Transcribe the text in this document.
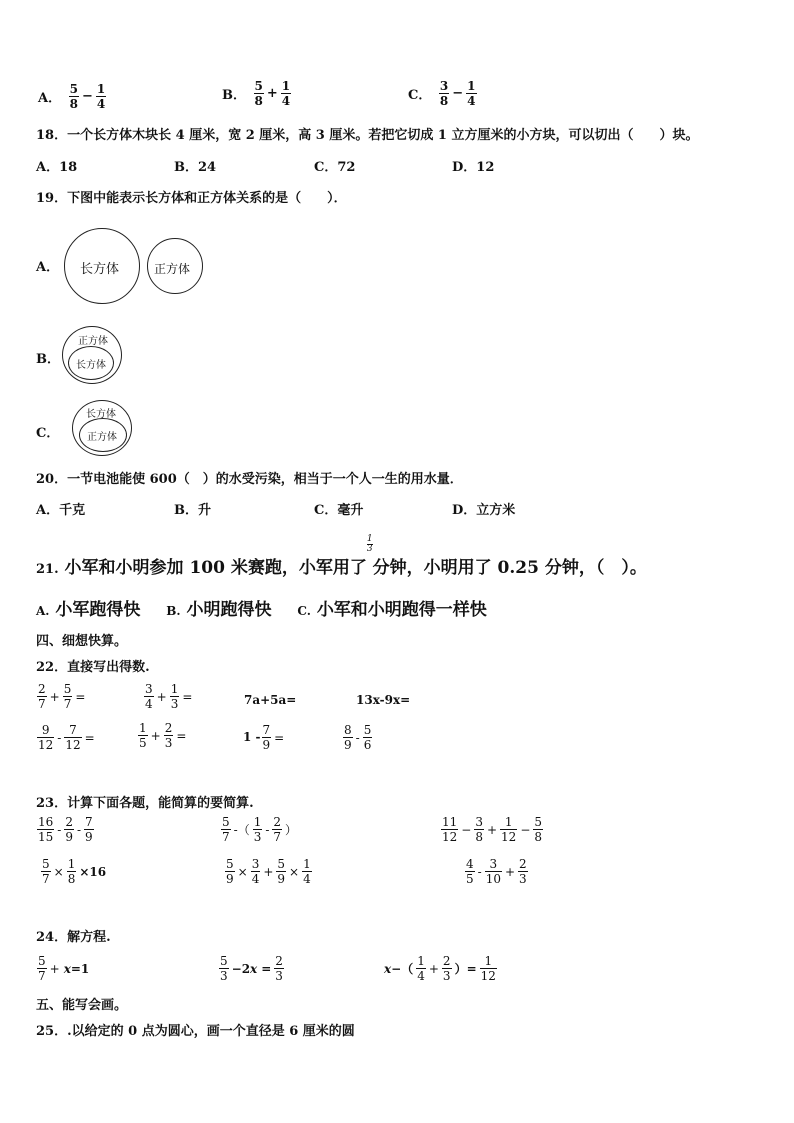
A． $\frac{5}{8} - \frac{1}{4}$	B． $\frac{5}{8} + \frac{1}{4}$	C． $\frac{3}{8} - \frac{1}{4}$
18．一个长方体木块长 4 厘米，宽 2 厘米，高 3 厘米。若把它切成 1 立方厘米的小方块，可以切出（　　）块。
A．18	B．24	C．72	D．12
19．下图中能表示长方体和正方体关系的是（　　）．
A． 长方体	正方体
B．
正方体
长方体
C．
长方体
正方体
20．一节电池能使 600（　）的水受污染，相当于一个人一生的用水量．
A．千克	B．升	C．毫升	D．立方米
21. 小军和小明参加 100 米赛跑，小军用了
$\frac{1}{3}$
分钟，小明用了 0.25 分钟，（　）。
A. 小军跑得快 B. 小明跑得快 C. 小军和小明跑得一样快
四、细想快算。
22．直接写出得数.
$\frac{2}{7} + \frac{5}{7}$ =	$\frac{3}{4} + \frac{1}{3}$ =	7a+5a=	13x-9x=
$\frac{9}{12} - \frac{7}{12}$ =	$\frac{1}{5} + \frac{2}{3}$ =	$1 - \frac{7}{9}$ =	$\frac{8}{9} - \frac{5}{6}$
23．计算下面各题，能简算的要简算.
$\frac{16}{15} - \frac{2}{9} - \frac{7}{9}$	$\frac{5}{7}$ -（ $\frac{1}{3} - \frac{2}{7}$ ）	$\frac{11}{12} - \frac{3}{8} + \frac{1}{12} - \frac{5}{8}$
$\frac{5}{7} \times \frac{1}{8} \times 16$	$\frac{5}{9} \times \frac{3}{4} + \frac{5}{9} \times \frac{1}{4}$	$\frac{4}{5} - \frac{3}{10} + \frac{2}{3}$
24．解方程.
$\frac{5}{7} + x=1$	$\frac{5}{3} -2x = \frac{2}{3}$	$x-( \frac{1}{4} + \frac{2}{3}$ ）= $\frac{1}{12}$
五、能写会画。
25．.以给定的 0 点为圆心，画一个直径是 6 厘米的圆
